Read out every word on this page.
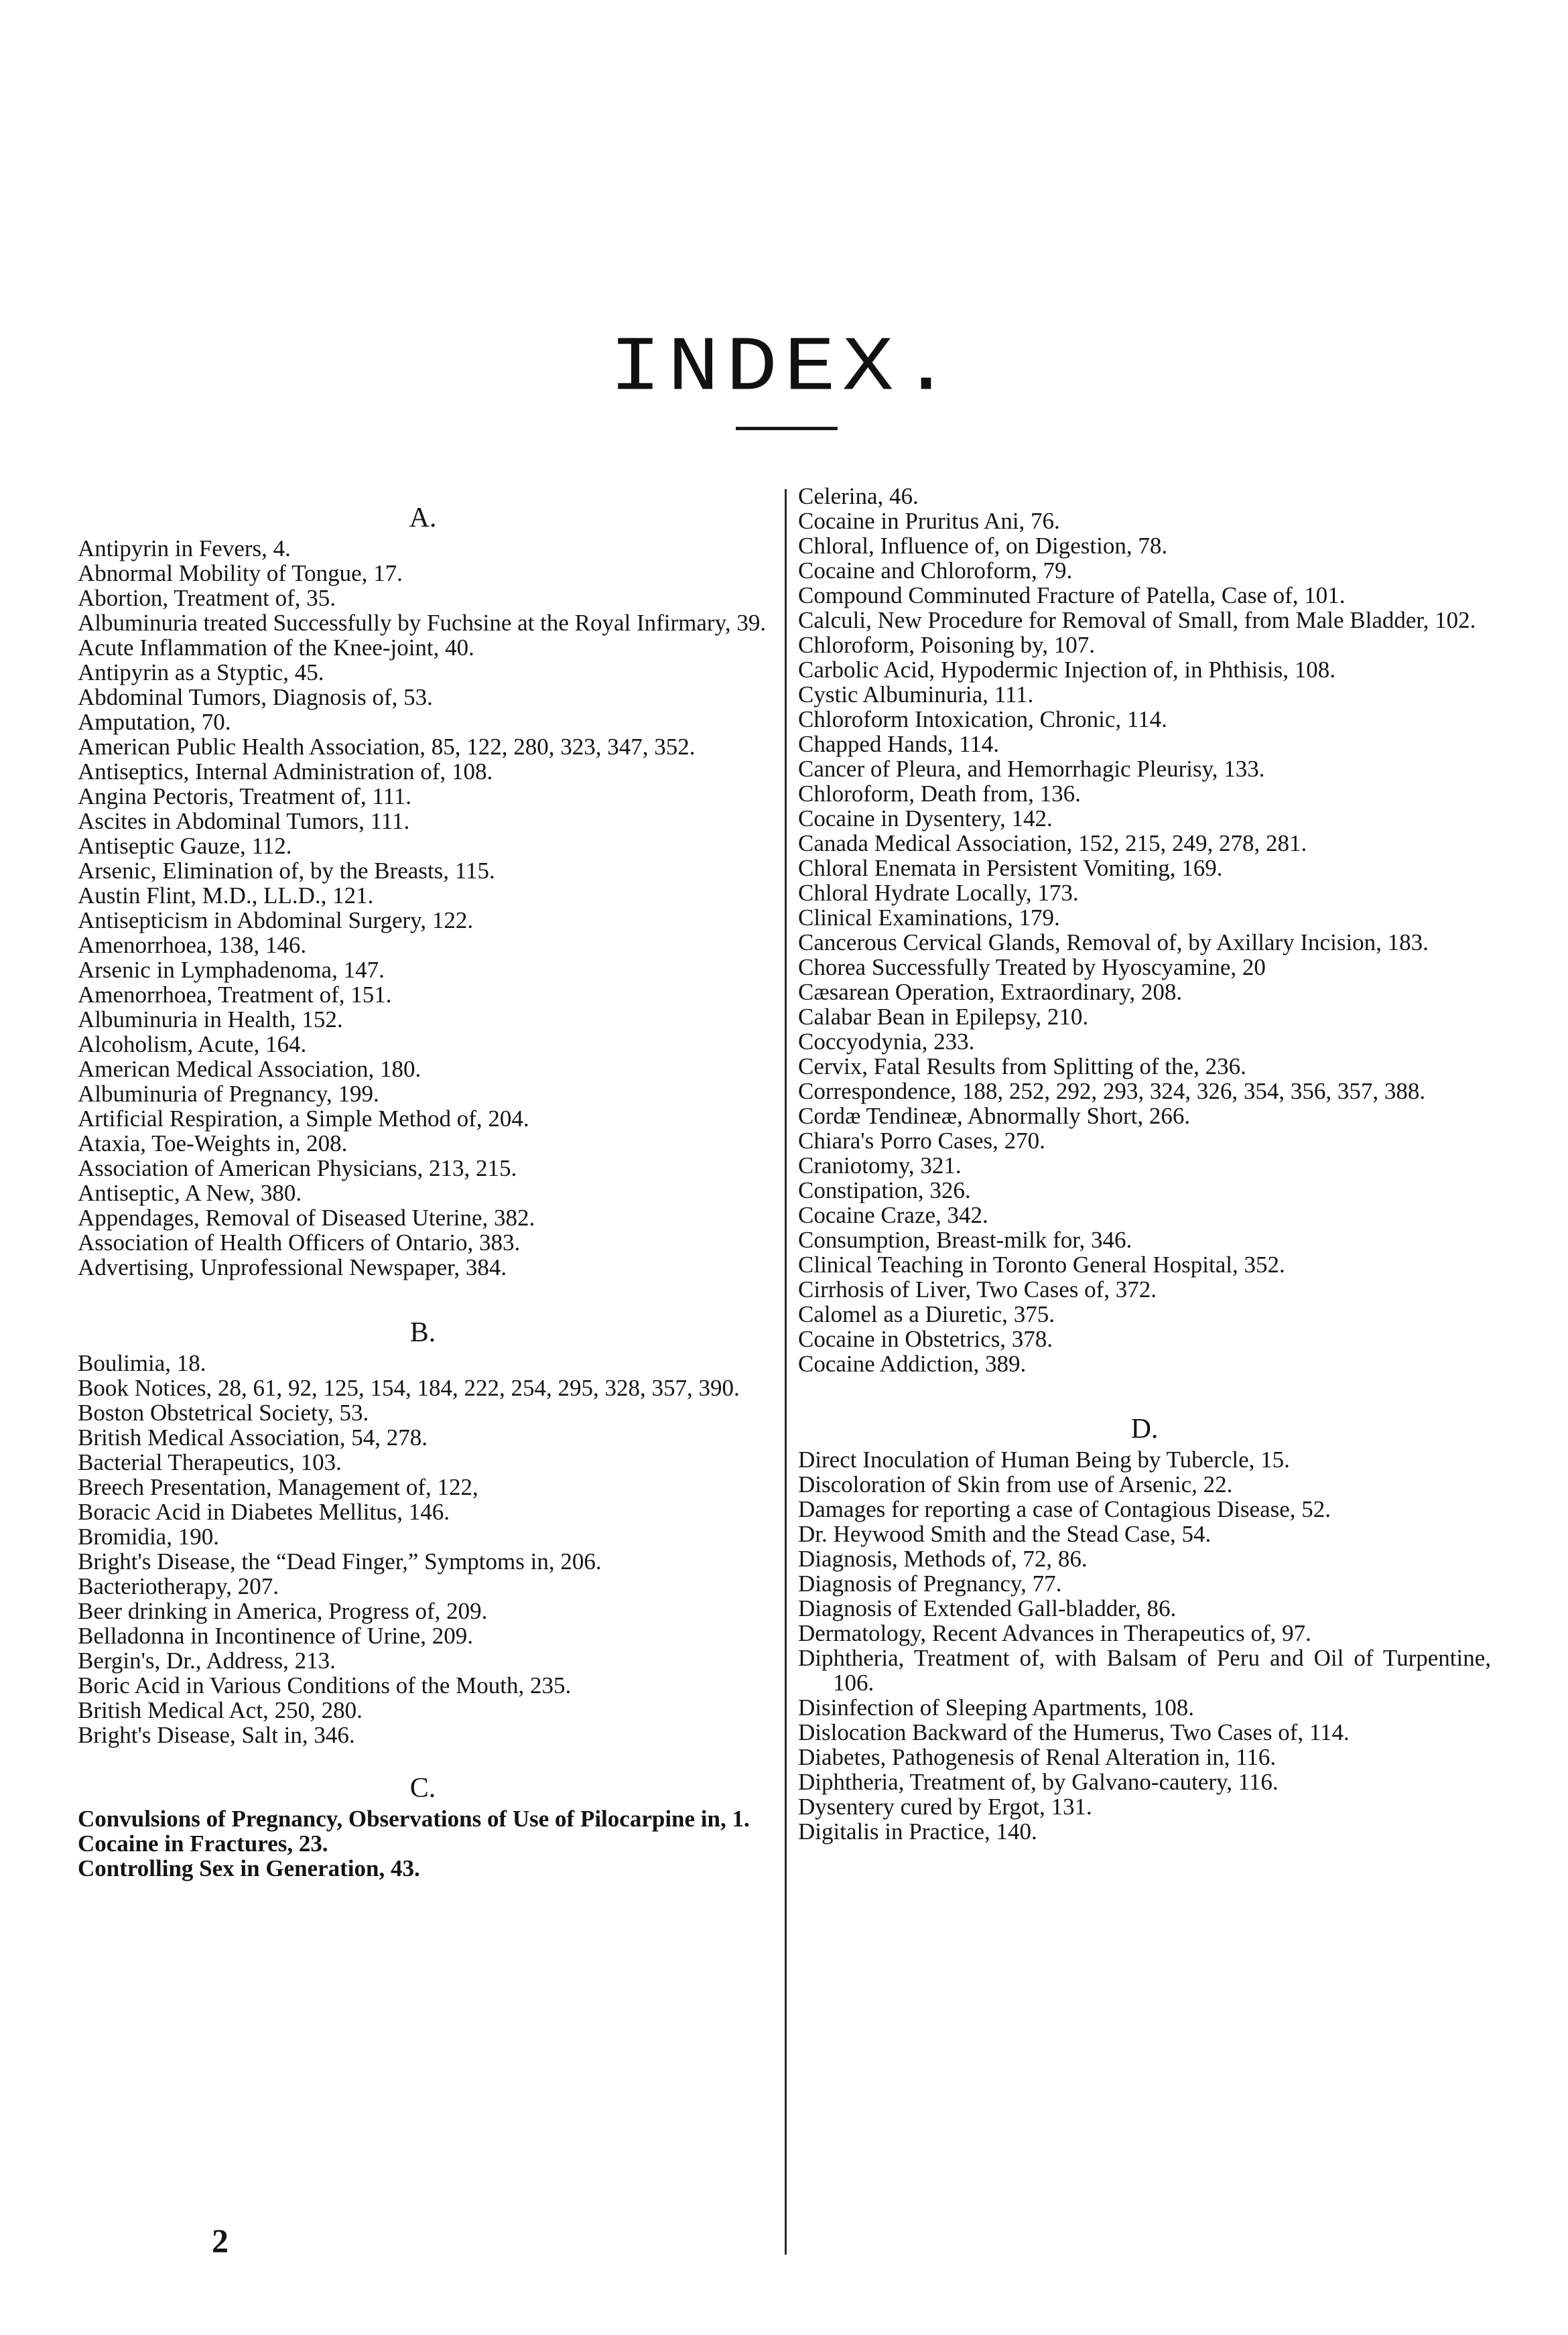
INDEX.
A.
Antipyrin in Fevers, 4.
Abnormal Mobility of Tongue, 17.
Abortion, Treatment of, 35.
Albuminuria treated Successfully by Fuchsine at the Royal Infirmary, 39.
Acute Inflammation of the Knee-joint, 40.
Antipyrin as a Styptic, 45.
Abdominal Tumors, Diagnosis of, 53.
Amputation, 70.
American Public Health Association, 85, 122, 280, 323, 347, 352.
Antiseptics, Internal Administration of, 108.
Angina Pectoris, Treatment of, 111.
Ascites in Abdominal Tumors, 111.
Antiseptic Gauze, 112.
Arsenic, Elimination of, by the Breasts, 115.
Austin Flint, M.D., LL.D., 121.
Antisepticism in Abdominal Surgery, 122.
Amenorrhoea, 138, 146.
Arsenic in Lymphadenoma, 147.
Amenorrhoea, Treatment of, 151.
Albuminuria in Health, 152.
Alcoholism, Acute, 164.
American Medical Association, 180.
Albuminuria of Pregnancy, 199.
Artificial Respiration, a Simple Method of, 204.
Ataxia, Toe-Weights in, 208.
Association of American Physicians, 213, 215.
Antiseptic, A New, 380.
Appendages, Removal of Diseased Uterine, 382.
Association of Health Officers of Ontario, 383.
Advertising, Unprofessional Newspaper, 384.
B.
Boulimia, 18.
Book Notices, 28, 61, 92, 125, 154, 184, 222, 254, 295, 328, 357, 390.
Boston Obstetrical Society, 53.
British Medical Association, 54, 278.
Bacterial Therapeutics, 103.
Breech Presentation, Management of, 122,
Boracic Acid in Diabetes Mellitus, 146.
Bromidia, 190.
Bright's Disease, the “Dead Finger,” Symptoms in, 206.
Bacteriotherapy, 207.
Beer drinking in America, Progress of, 209.
Belladonna in Incontinence of Urine, 209.
Bergin's, Dr., Address, 213.
Boric Acid in Various Conditions of the Mouth, 235.
British Medical Act, 250, 280.
Bright's Disease, Salt in, 346.
C.
Convulsions of Pregnancy, Observations of Use of Pilocarpine in, 1.
Cocaine in Fractures, 23.
Controlling Sex in Generation, 43.
Celerina, 46.
Cocaine in Pruritus Ani, 76.
Chloral, Influence of, on Digestion, 78.
Cocaine and Chloroform, 79.
Compound Comminuted Fracture of Patella, Case of, 101.
Calculi, New Procedure for Removal of Small, from Male Bladder, 102.
Chloroform, Poisoning by, 107.
Carbolic Acid, Hypodermic Injection of, in Phthisis, 108.
Cystic Albuminuria, 111.
Chloroform Intoxication, Chronic, 114.
Chapped Hands, 114.
Cancer of Pleura, and Hemorrhagic Pleurisy, 133.
Chloroform, Death from, 136.
Cocaine in Dysentery, 142.
Canada Medical Association, 152, 215, 249, 278, 281.
Chloral Enemata in Persistent Vomiting, 169.
Chloral Hydrate Locally, 173.
Clinical Examinations, 179.
Cancerous Cervical Glands, Removal of, by Axillary Incision, 183.
Chorea Successfully Treated by Hyoscyamine, 20
Cæsarean Operation, Extraordinary, 208.
Calabar Bean in Epilepsy, 210.
Coccyodynia, 233.
Cervix, Fatal Results from Splitting of the, 236.
Correspondence, 188, 252, 292, 293, 324, 326, 354, 356, 357, 388.
Cordæ Tendineæ, Abnormally Short, 266.
Chiara's Porro Cases, 270.
Craniotomy, 321.
Constipation, 326.
Cocaine Craze, 342.
Consumption, Breast-milk for, 346.
Clinical Teaching in Toronto General Hospital, 352.
Cirrhosis of Liver, Two Cases of, 372.
Calomel as a Diuretic, 375.
Cocaine in Obstetrics, 378.
Cocaine Addiction, 389.
D.
Direct Inoculation of Human Being by Tubercle, 15.
Discoloration of Skin from use of Arsenic, 22.
Damages for reporting a case of Contagious Disease, 52.
Dr. Heywood Smith and the Stead Case, 54.
Diagnosis, Methods of, 72, 86.
Diagnosis of Pregnancy, 77.
Diagnosis of Extended Gall-bladder, 86.
Dermatology, Recent Advances in Therapeutics of, 97.
Diphtheria, Treatment of, with Balsam of Peru and Oil of Turpentine, 106.
Disinfection of Sleeping Apartments, 108.
Dislocation Backward of the Humerus, Two Cases of, 114.
Diabetes, Pathogenesis of Renal Alteration in, 116.
Diphtheria, Treatment of, by Galvano-cautery, 116.
Dysentery cured by Ergot, 131.
Digitalis in Practice, 140.
2
